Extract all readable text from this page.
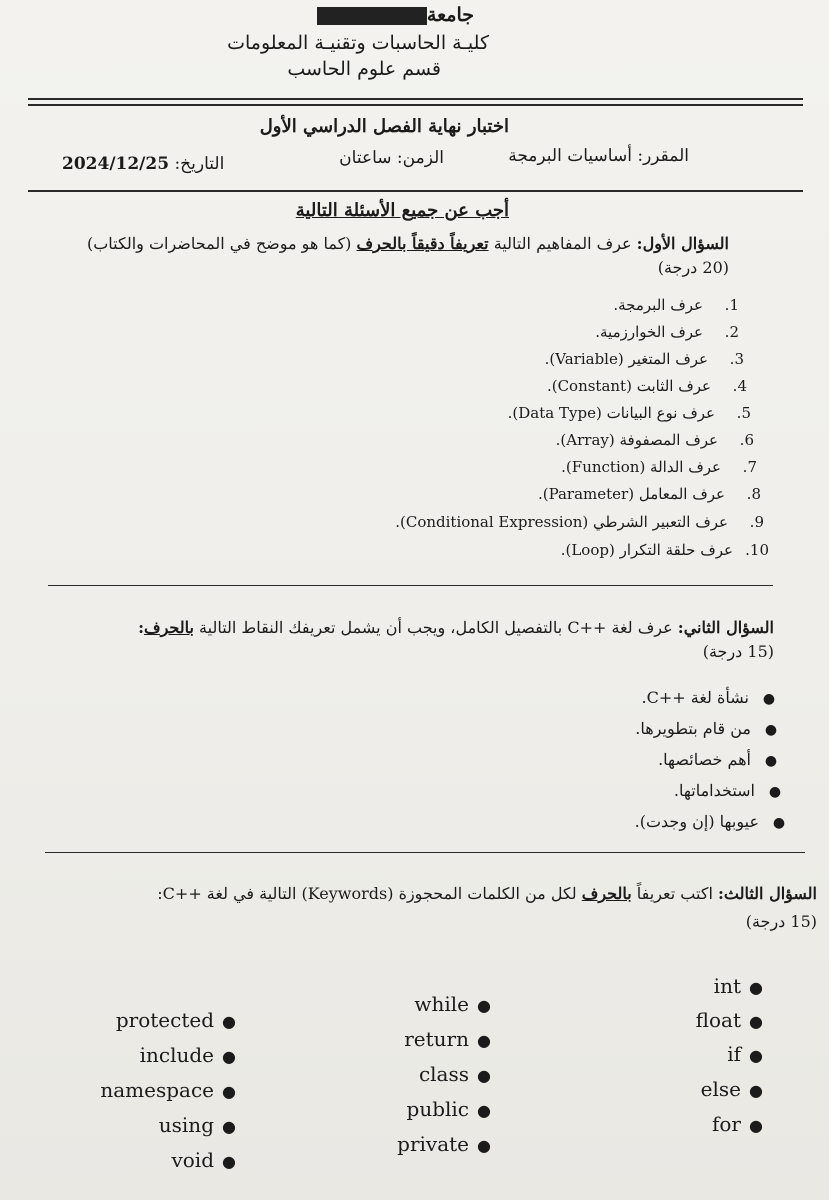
جامعة
كليـة الحاسبات وتقنيـة المعلومات
قسم علوم الحاسب
اختبار نهاية الفصل الدراسي الأول
المقرر: أساسيات البرمجة
الزمن: ساعتان
2024/12/25 التاريخ:
أجب عن جميع الأسئلة التالية
السؤال الأول: عرف المفاهيم التالية تعريفاً دقيقاً بالحرف (كما هو موضح في المحاضرات والكتاب)
(20 درجة)
1.عرف البرمجة.
2.عرف الخوارزمية.
3.عرف المتغير (Variable).
4.عرف الثابت (Constant).
5.عرف نوع البيانات (Data Type).
6.عرف المصفوفة (Array).
7.عرف الدالة (Function).
8.عرف المعامل (Parameter).
9.عرف التعبير الشرطي (Conditional Expression).
10.عرف حلقة التكرار (Loop).
السؤال الثاني: عرف لغة ++C بالتفصيل الكامل، ويجب أن يشمل تعريفك النقاط التالية بالحرف:
(15 درجة)
●نشأة لغة ++C.
●من قام بتطويرها.
●أهم خصائصها.
●استخداماتها.
●عيوبها (إن وجدت).
السؤال الثالث: اكتب تعريفاً بالحرف لكل من الكلمات المحجوزة (Keywords) التالية في لغة ++C:
(15 درجة)
int ●
float ●
if ●
else ●
for ●
while ●
return ●
class ●
public ●
private ●
protected ●
include ●
namespace ●
using ●
void ●
